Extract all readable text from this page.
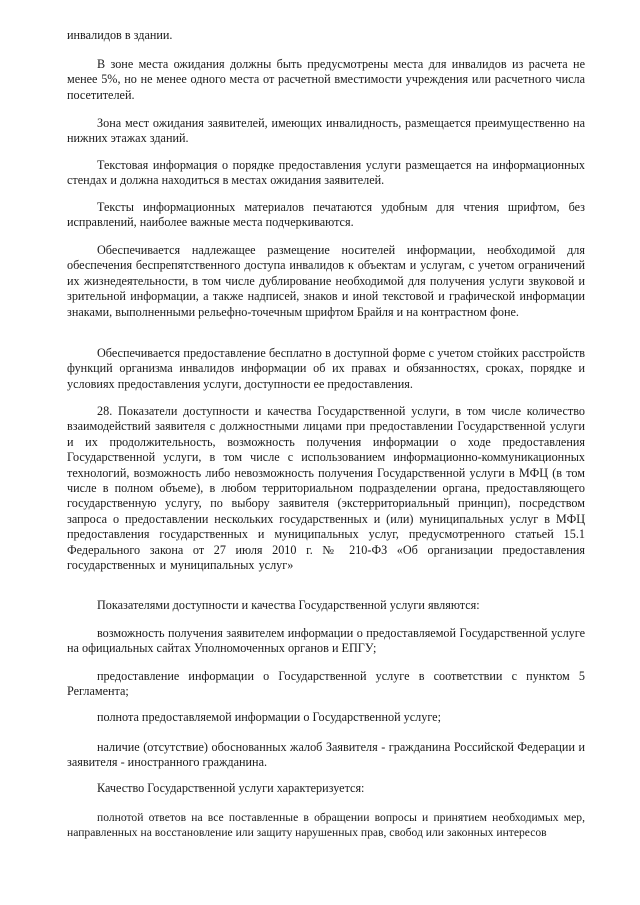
инвалидов в здании.

В зоне места ожидания должны быть предусмотрены места для инвалидов из расчета не менее 5%, но не менее одного места от расчетной вместимости учреждения или расчетного числа посетителей.

Зона мест ожидания заявителей, имеющих инвалидность, размещается преимущественно на нижних этажах зданий.

Текстовая информация о порядке предоставления услуги размещается на информационных стендах и должна находиться в местах ожидания заявителей.

Тексты информационных материалов печатаются удобным для чтения шрифтом, без исправлений, наиболее важные места подчеркиваются.

Обеспечивается надлежащее размещение носителей информации, необходимой для обеспечения беспрепятственного доступа инвалидов к объектам и услугам, с учетом ограничений их жизнедеятельности, в том числе дублирование необходимой для получения услуги звуковой и зрительной информации, а также надписей, знаков и иной текстовой и графической информации знаками, выполненными рельефно-точечным шрифтом Брайля и на контрастном фоне.

Обеспечивается предоставление бесплатно в доступной форме с учетом стойких расстройств функций организма инвалидов информации об их правах и обязанностях, сроках, порядке и условиях предоставления услуги, доступности ее предоставления.

28. Показатели доступности и качества Государственной услуги, в том числе количество взаимодействий заявителя с должностными лицами при предоставлении Государственной услуги и их продолжительность, возможность получения информации о ходе предоставления Государственной услуги, в том числе с использованием информационно-коммуникационных технологий, возможность либо невозможность получения Государственной услуги в МФЦ (в том числе в полном объеме), в любом территориальном подразделении органа, предоставляющего государственную услугу, по выбору заявителя (экстерриториальный принцип), посредством запроса о предоставлении нескольких государственных и (или) муниципальных услуг в МФЦ предоставления государственных и муниципальных услуг, предусмотренного статьей 15.1 Федерального закона от 27 июля 2010 г. № 210-ФЗ «Об организации предоставления государственных и муниципальных услуг»

Показателями доступности и качества Государственной услуги являются:

возможность получения заявителем информации о предоставляемой Государственной услуге на официальных сайтах Уполномоченных органов и ЕПГУ;

предоставление информации о Государственной услуге в соответствии с пунктом 5 Регламента;

полнота предоставляемой информации о Государственной услуге;

наличие (отсутствие) обоснованных жалоб Заявителя - гражданина Российской Федерации и заявителя - иностранного гражданина.

Качество Государственной услуги характеризуется:

полнотой ответов на все поставленные в обращении вопросы и принятием необходимых мер, направленных на восстановление или защиту нарушенных прав, свобод или законных интересов
